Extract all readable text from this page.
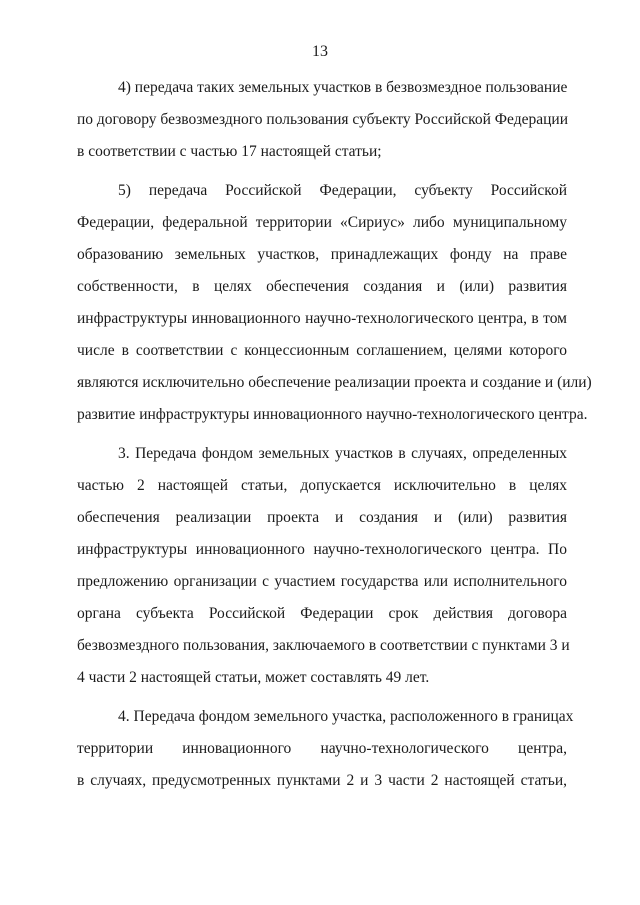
13
4) передача таких земельных участков в безвозмездное пользование
по договору безвозмездного пользования субъекту Российской Федерации
в соответствии с частью 17 настоящей статьи;
5) передача Российской Федерации, субъекту Российской
Федерации, федеральной территории «Сириус» либо муниципальному
образованию земельных участков, принадлежащих фонду на праве
собственности, в целях обеспечения создания и (или) развития
инфраструктуры инновационного научно-технологического центра, в том
числе в соответствии с концессионным соглашением, целями которого
являются исключительно обеспечение реализации проекта и создание и (или)
развитие инфраструктуры инновационного научно-технологического центра.
3. Передача фондом земельных участков в случаях, определенных
частью 2 настоящей статьи, допускается исключительно в целях
обеспечения реализации проекта и создания и (или) развития
инфраструктуры инновационного научно-технологического центра. По
предложению организации с участием государства или исполнительного
органа субъекта Российской Федерации срок действия договора
безвозмездного пользования, заключаемого в соответствии с пунктами 3 и
4 части 2 настоящей статьи, может составлять 49 лет.
4. Передача фондом земельного участка, расположенного в границах
территории инновационного научно-технологического центра,
в случаях, предусмотренных пунктами 2 и 3 части 2 настоящей статьи,
